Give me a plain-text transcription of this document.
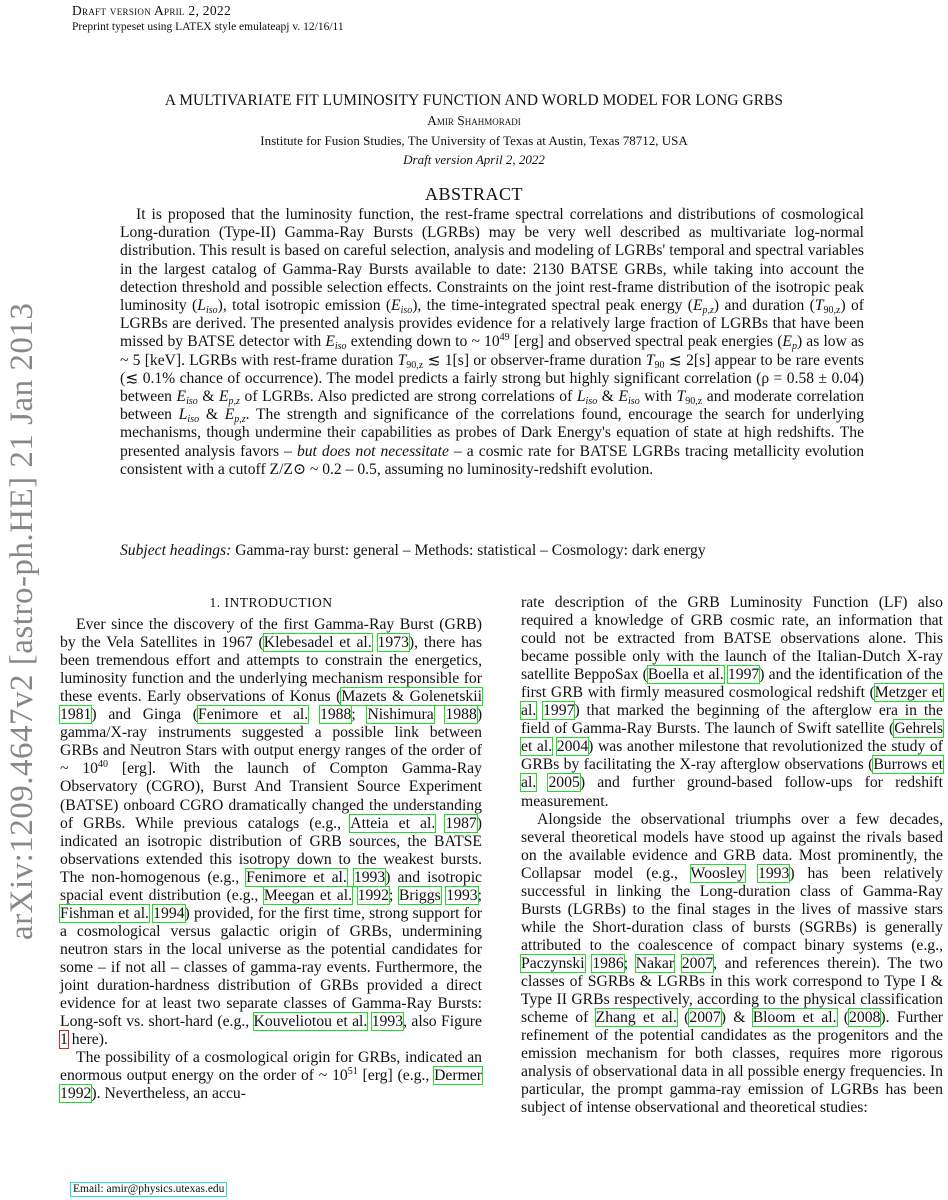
Draft version April 2, 2022
Preprint typeset using LATEX style emulateapj v. 12/16/11
arXiv:1209.4647v2 [astro-ph.HE] 21 Jan 2013
A MULTIVARIATE FIT LUMINOSITY FUNCTION AND WORLD MODEL FOR LONG GRBS
Amir Shahmoradi
Institute for Fusion Studies, The University of Texas at Austin, Texas 78712, USA
Draft version April 2, 2022
ABSTRACT
It is proposed that the luminosity function, the rest-frame spectral correlations and distributions of cosmological Long-duration (Type-II) Gamma-Ray Bursts (LGRBs) may be very well described as multivariate log-normal distribution. This result is based on careful selection, analysis and modeling of LGRBs' temporal and spectral variables in the largest catalog of Gamma-Ray Bursts available to date: 2130 BATSE GRBs, while taking into account the detection threshold and possible selection effects. Constraints on the joint rest-frame distribution of the isotropic peak luminosity $(L_{iso})$, total isotropic emission $(E_{iso})$, the time-integrated spectral peak energy $(E_{p,z})$ and duration $(T_{90,z})$ of LGRBs are derived. The presented analysis provides evidence for a relatively large fraction of LGRBs that have been missed by BATSE detector with $E_{iso}$ extending down to ~ $10^{49}$ [erg] and observed spectral peak energies $(E_p)$ as low as ~ 5 [keV]. LGRBs with rest-frame duration $T_{90,z}$ ≲ 1[s] or observer-frame duration $T_{90}$ ≲ 2[s] appear to be rare events (≲ 0.1% chance of occurrence). The model predicts a fairly strong but highly significant correlation (ρ = 0.58 ± 0.04) between $E_{iso}$ & $E_{p,z}$ of LGRBs. Also predicted are strong correlations of $L_{iso}$ & $E_{iso}$ with $T_{90,z}$ and moderate correlation between $L_{iso}$ & $E_{p,z}$. The strength and significance of the correlations found, encourage the search for underlying mechanisms, though undermine their capabilities as probes of Dark Energy's equation of state at high redshifts. The presented analysis favors – but does not necessitate – a cosmic rate for BATSE LGRBs tracing metallicity evolution consistent with a cutoff Z/Z⊙ ~ 0.2 – 0.5, assuming no luminosity-redshift evolution.
Subject headings: Gamma-ray burst: general – Methods: statistical – Cosmology: dark energy
1. INTRODUCTION

Ever since the discovery of the first Gamma-Ray Burst (GRB) by the Vela Satellites in 1967 (Klebesadel et al. 1973), there has been tremendous effort and attempts to constrain the energetics, luminosity function and the underlying mechanism responsible for these events. Early observations of Konus (Mazets & Golenetskii 1981) and Ginga (Fenimore et al. 1988; Nishimura 1988) gamma/X-ray instruments suggested a possible link between GRBs and Neutron Stars with output energy ranges of the order of ~ $10^{40}$ [erg]. With the launch of Compton Gamma-Ray Observatory (CGRO), Burst And Transient Source Experiment (BATSE) onboard CGRO dramatically changed the understanding of GRBs. While previous catalogs (e.g., Atteia et al. 1987) indicated an isotropic distribution of GRB sources, the BATSE observations extended this isotropy down to the weakest bursts. The non-homogenous (e.g., Fenimore et al. 1993) and isotropic spacial event distribution (e.g., Meegan et al. 1992; Briggs 1993; Fishman et al. 1994) provided, for the first time, strong support for a cosmological versus galactic origin of GRBs, undermining neutron stars in the local universe as the potential candidates for some – if not all – classes of gamma-ray events. Furthermore, the joint duration-hardness distribution of GRBs provided a direct evidence for at least two separate classes of Gamma-Ray Bursts: Long-soft vs. short-hard (e.g., Kouveliotou et al. 1993, also Figure 1 here).

The possibility of a cosmological origin for GRBs, indicated an enormous output energy on the order of ~ $10^{51}$ [erg] (e.g., Dermer 1992). Nevertheless, an accu-

rate description of the GRB Luminosity Function (LF) also required a knowledge of GRB cosmic rate, an information that could not be extracted from BATSE observations alone. This became possible only with the launch of the Italian-Dutch X-ray satellite BeppoSax (Boella et al. 1997) and the identification of the first GRB with firmly measured cosmological redshift (Metzger et al. 1997) that marked the beginning of the afterglow era in the field of Gamma-Ray Bursts. The launch of Swift satellite (Gehrels et al. 2004) was another milestone that revolutionized the study of GRBs by facilitating the X-ray afterglow observations (Burrows et al. 2005) and further ground-based follow-ups for redshift measurement.

Alongside the observational triumphs over a few decades, several theoretical models have stood up against the rivals based on the available evidence and GRB data. Most prominently, the Collapsar model (e.g., Woosley 1993) has been relatively successful in linking the Long-duration class of Gamma-Ray Bursts (LGRBs) to the final stages in the lives of massive stars while the Short-duration class of bursts (SGRBs) is generally attributed to the coalescence of compact binary systems (e.g., Paczynski 1986; Nakar 2007, and references therein). The two classes of SGRBs & LGRBs in this work correspond to Type I & Type II GRBs respectively, according to the physical classification scheme of Zhang et al. (2007) & Bloom et al. (2008). Further refinement of the potential candidates as the progenitors and the emission mechanism for both classes, requires more rigorous analysis of observational data in all possible energy frequencies. In particular, the prompt gamma-ray emission of LGRBs has been subject of intense observational and theoretical studies:

Email: amir@physics.utexas.edu
